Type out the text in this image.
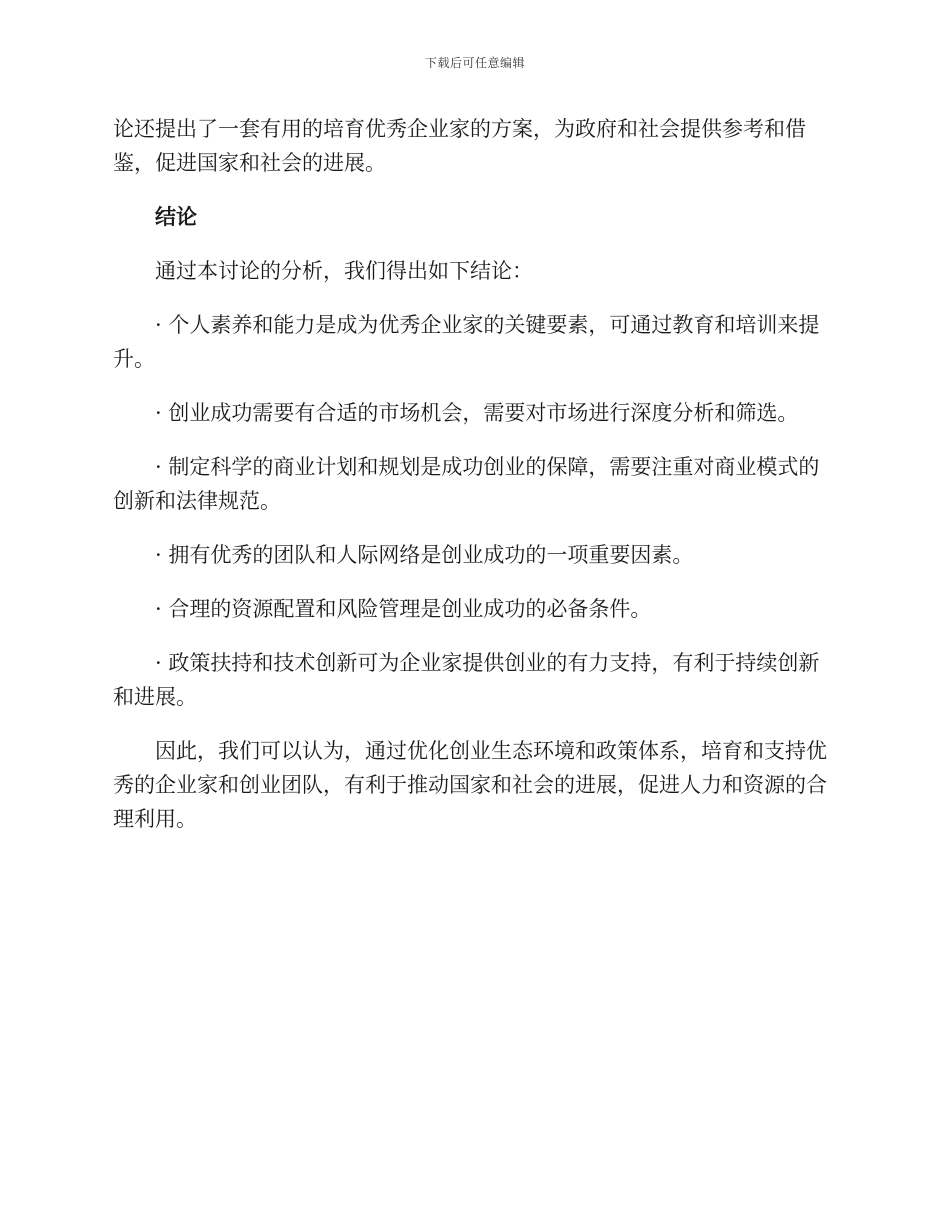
下载后可任意编辑

论还提出了一套有用的培育优秀企业家的方案，为政府和社会提供参考和借鉴，促进国家和社会的进展。

结论

通过本讨论的分析，我们得出如下结论：

· 个人素养和能力是成为优秀企业家的关键要素，可通过教育和培训来提升。

· 创业成功需要有合适的市场机会，需要对市场进行深度分析和筛选。

· 制定科学的商业计划和规划是成功创业的保障，需要注重对商业模式的创新和法律规范。

· 拥有优秀的团队和人际网络是创业成功的一项重要因素。

· 合理的资源配置和风险管理是创业成功的必备条件。

· 政策扶持和技术创新可为企业家提供创业的有力支持，有利于持续创新和进展。

因此，我们可以认为，通过优化创业生态环境和政策体系，培育和支持优秀的企业家和创业团队，有利于推动国家和社会的进展，促进人力和资源的合理利用。
